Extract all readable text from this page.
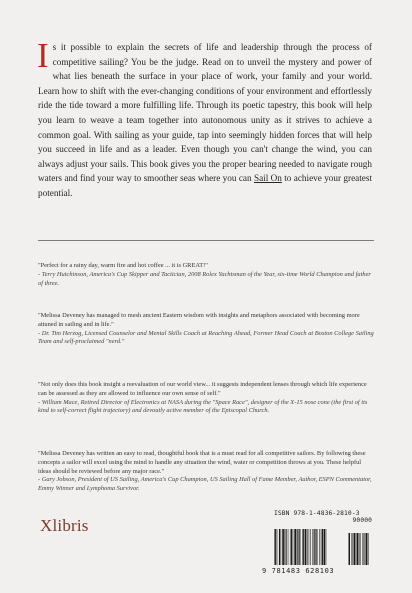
Is it possible to explain the secrets of life and leadership through the process of competitive sailing? You be the judge. Read on to unveil the mystery and power of what lies beneath the surface in your place of work, your family and your world. Learn how to shift with the ever-changing conditions of your environment and effortlessly ride the tide toward a more fulfilling life. Through its poetic tapestry, this book will help you learn to weave a team together into autonomous unity as it strives to achieve a common goal. With sailing as your guide, tap into seemingly hidden forces that will help you succeed in life and as a leader. Even though you can't change the wind, you can always adjust your sails. This book gives you the proper bearing needed to navigate rough waters and find your way to smoother seas where you can Sail On to achieve your greatest potential.
"Perfect for a rainy day, warm fire and hot coffee ... it is GREAT!"
- Terry Hutchinson, America's Cup Skipper and Tactician, 2008 Rolex Yachtsman of the Year, six-time World Champion and father of three.
"Melissa Deveney has managed to mesh ancient Eastern wisdom with insights and metaphors associated with becoming more attuned in sailing and in life."
- Dr. Tim Herzog, Licensed Counselor and Mental Skills Coach at Reaching Ahead, Former Head Coach at Boston College Sailing Team and self-proclaimed "nerd."
"Not only does this book insight a reevaluation of our world view... it suggests independent lenses through which life experience can be assessed as they are allowed to influence our own sense of self."
- William Mace, Retired Director of Electronics at NASA during the "Space Race", designer of the X-15 nose cone (the first of its kind to self-correct flight trajectory) and devoutly active member of the Episcopal Church.
"Melissa Deveney has written an easy to read, thoughtful book that is a must read for all competitive sailors. By following these concepts a sailor will excel using the mind to handle any situation the wind, water or competition throws at you. These helpful ideas should be reviewed before any major race."
- Gary Jobson, President of US Sailing, America's Cup Champion, US Sailing Hall of Fame Member, Author, ESPN Commentator, Emmy Winner and Lymphoma Survivor.
Xlibris
ISBN 978-1-4836-2810-3
90000
9 781483 628103
